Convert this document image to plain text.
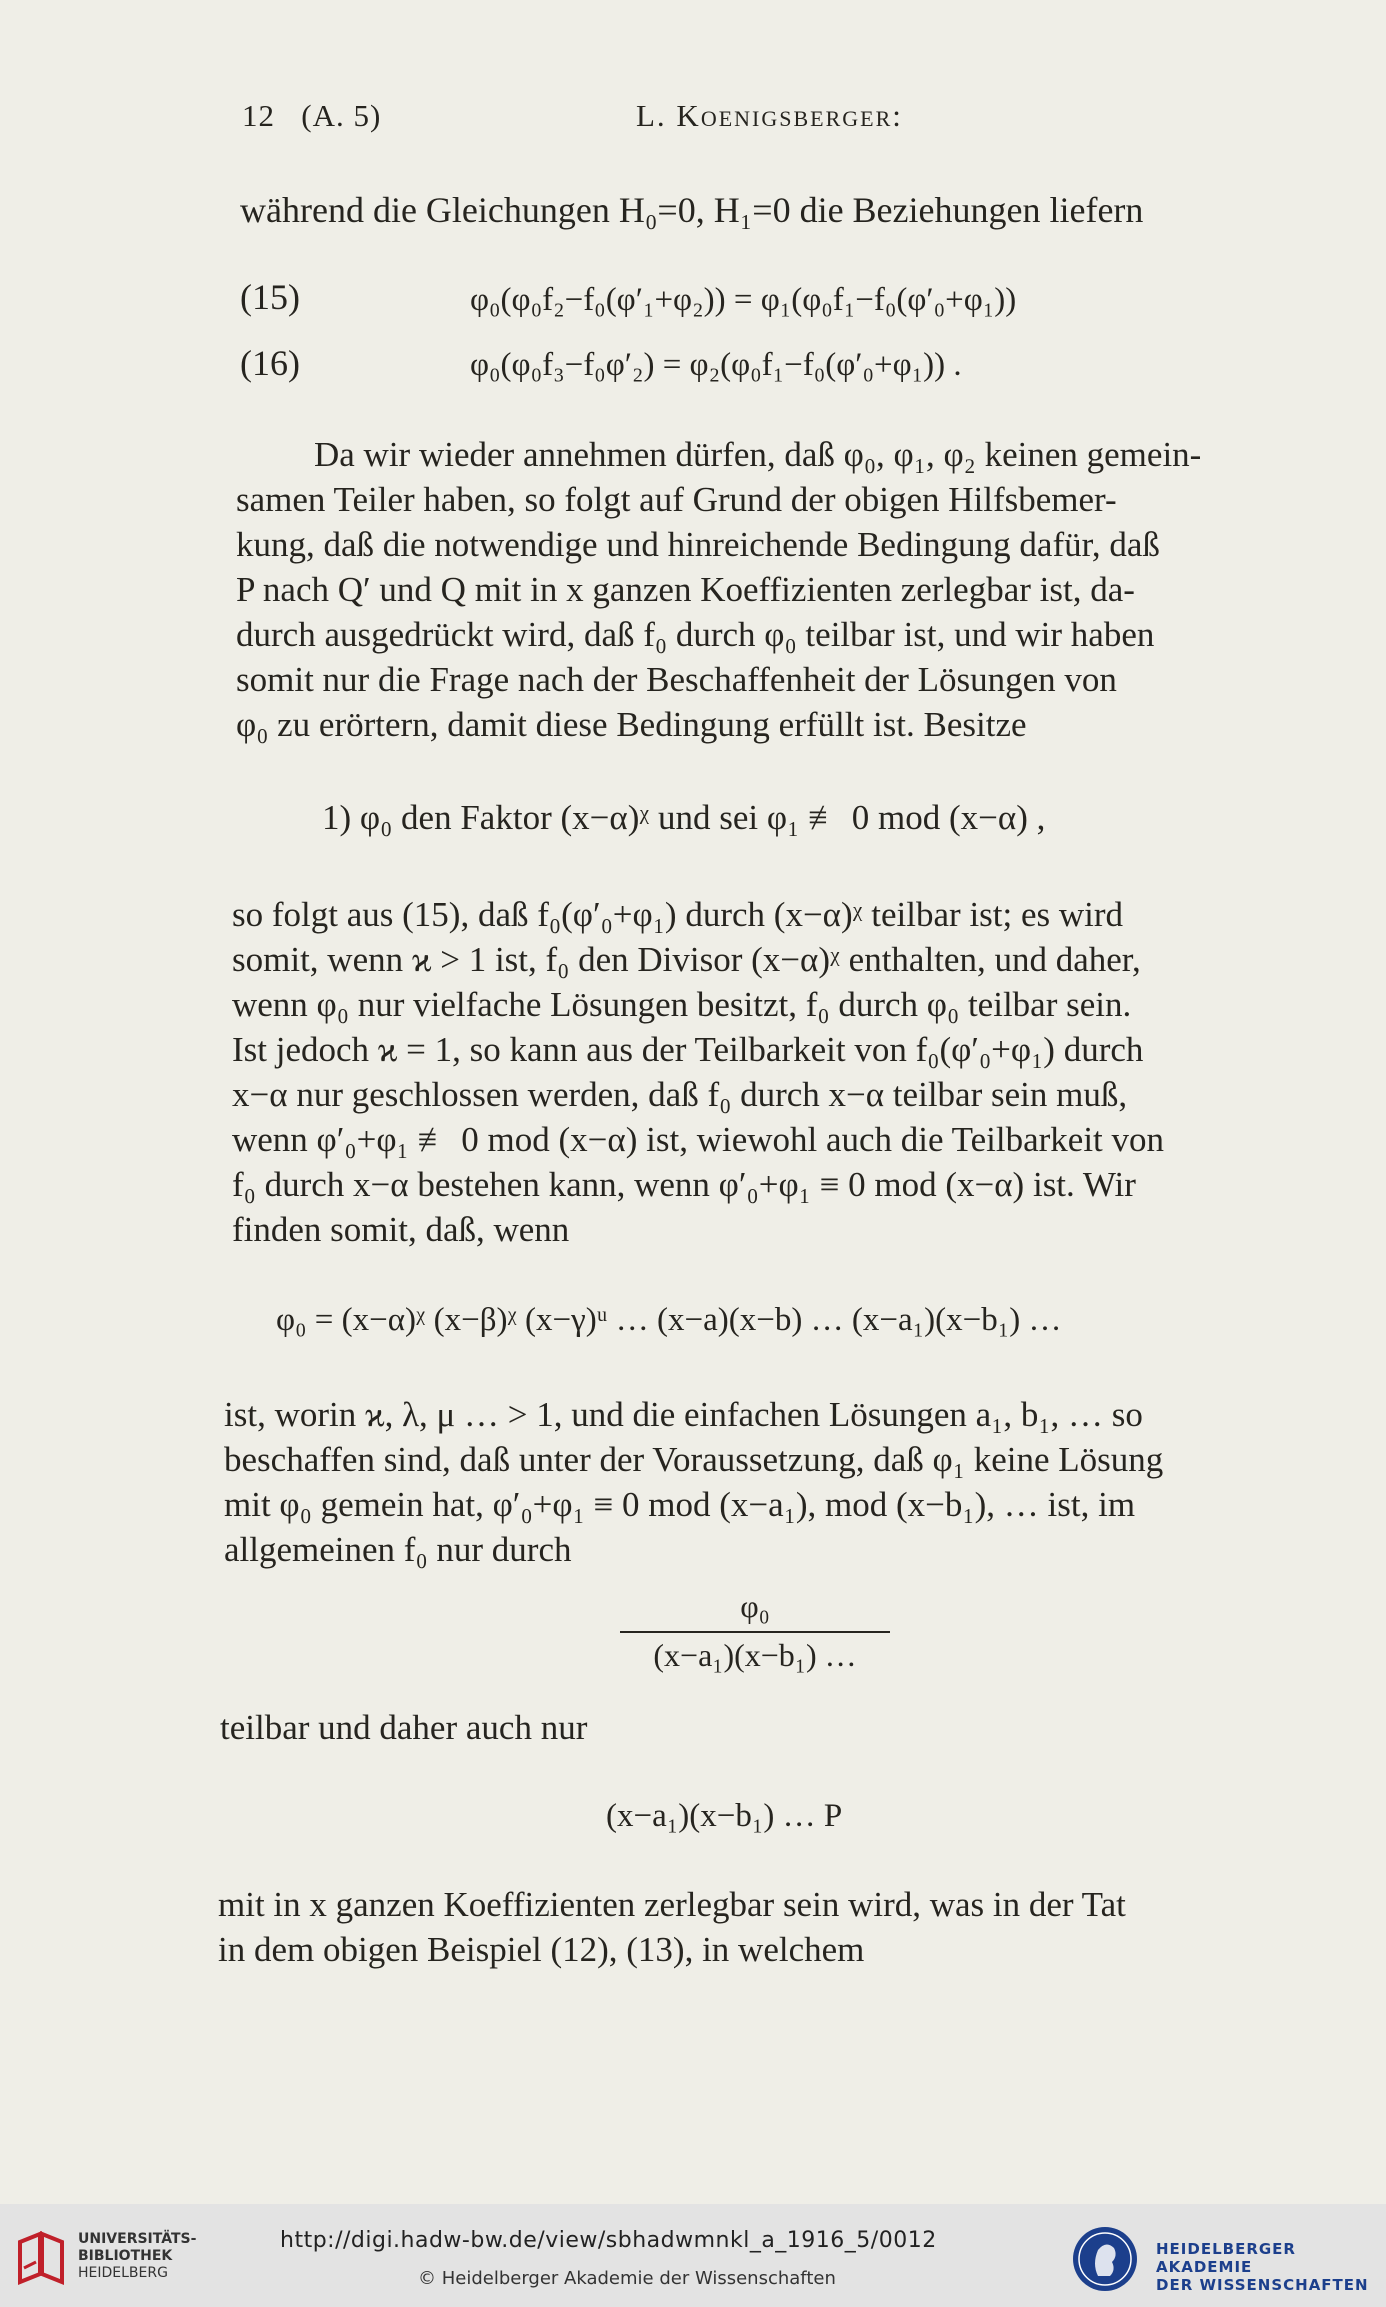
12 (A. 5)	L. Koenigsberger:
während die Gleichungen H₀=0, H₁=0 die Beziehungen liefern
(15)	φ₀(φ₀f₂−f₀(φ′₁+φ₂)) = φ₁(φ₀f₁−f₀(φ′₀+φ₁))
(16)	φ₀(φ₀f₃−f₀φ′₂) = φ₂(φ₀f₁−f₀(φ′₀+φ₁)) .
Da wir wieder annehmen dürfen, daß φ₀, φ₁, φ₂ keinen gemein-
samen Teiler haben, so folgt auf Grund der obigen Hilfsbemer-
kung, daß die notwendige und hinreichende Bedingung dafür, daß
P nach Q′ und Q mit in x ganzen Koeffizienten zerlegbar ist, da-
durch ausgedrückt wird, daß f₀ durch φ₀ teilbar ist, und wir haben
somit nur die Frage nach der Beschaffenheit der Lösungen von
φ₀ zu erörtern, damit diese Bedingung erfüllt ist. Besitze
1) φ₀ den Faktor (x−α)ᵡ und sei φ₁ ≢ 0 mod (x−α) ,
so folgt aus (15), daß f₀(φ′₀+φ₁) durch (x−α)ᵡ teilbar ist; es wird
somit, wenn ϰ > 1 ist, f₀ den Divisor (x−α)ᵡ enthalten, und daher,
wenn φ₀ nur vielfache Lösungen besitzt, f₀ durch φ₀ teilbar sein.
Ist jedoch ϰ = 1, so kann aus der Teilbarkeit von f₀(φ′₀+φ₁) durch
x−α nur geschlossen werden, daß f₀ durch x−α teilbar sein muß,
wenn φ′₀+φ₁ ≢ 0 mod (x−α) ist, wiewohl auch die Teilbarkeit von
f₀ durch x−α bestehen kann, wenn φ′₀+φ₁ ≡ 0 mod (x−α) ist. Wir
finden somit, daß, wenn
φ₀ = (x−α)ᵡ (x−β)ᵡ (x−γ)ᵘ … (x−a)(x−b) … (x−a₁)(x−b₁) …
ist, worin ϰ, λ, μ … > 1, und die einfachen Lösungen a₁, b₁, … so
beschaffen sind, daß unter der Voraussetzung, daß φ₁ keine Lösung
mit φ₀ gemein hat, φ′₀+φ₁ ≡ 0 mod (x−a₁), mod (x−b₁), … ist, im
allgemeinen f₀ nur durch
$\frac{\text{φ₀}}{\text{(x−a₁)(x−b₁) …}}$
teilbar und daher auch nur
(x−a₁)(x−b₁) … P
mit in x ganzen Koeffizienten zerlegbar sein wird, was in der Tat
in dem obigen Beispiel (12), (13), in welchem
UNIVERSITÄTS-
BIBLIOTHEK
HEIDELBERG
http://digi.hadw-bw.de/view/sbhadwmnkl_a_1916_5/0012
© Heidelberger Akademie der Wissenschaften
HEIDELBERGER AKADEMIE
DER WISSENSCHAFTEN
